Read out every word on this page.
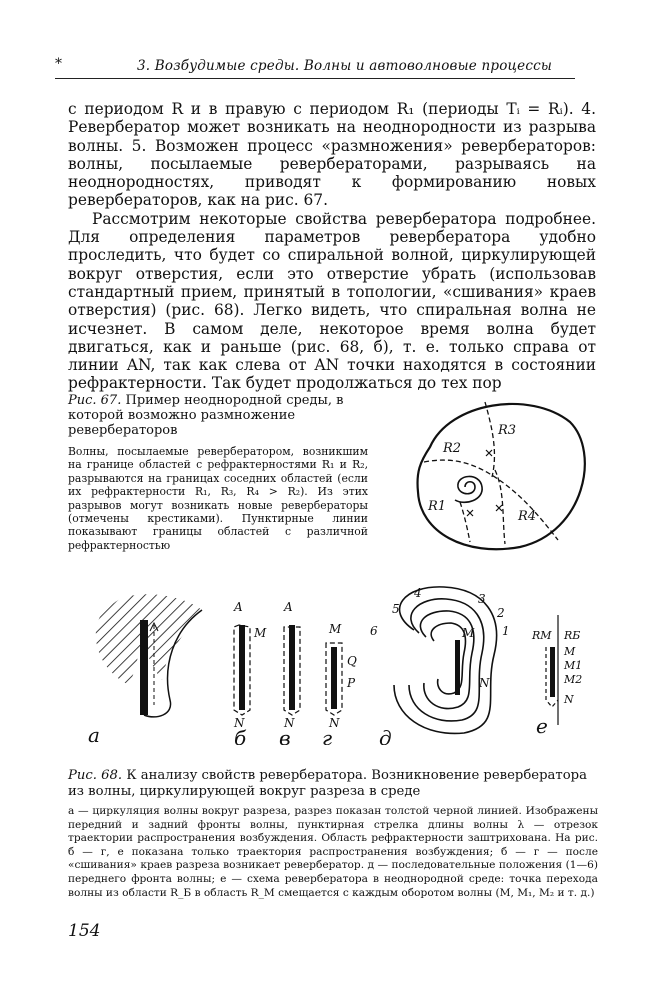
*	3. Возбудимые среды. Волны и автоволновые процессы

с периодом R и в правую с периодом R₁ (периоды Tᵢ = Rᵢ). 4. Ревербератор может возникать на неоднородности из разрыва волны. 5. Возможен процесс «размножения» ревербераторов: волны, посылаемые ревербераторами, разрываясь на неоднородностях, приводят к формированию новых ревербераторов, как на рис. 67.

Рассмотрим некоторые свойства ревербератора подробнее. Для определения параметров ревербератора удобно проследить, что будет со спиральной волной, циркулирующей вокруг отверстия, если это отверстие убрать (использовав стандартный прием, принятый в топологии, «сшивания» краев отверстия) (рис. 68). Легко видеть, что спиральная волна не исчезнет. В самом деле, некоторое время волна будет двигаться, как и раньше (рис. 68, б), т. е. только справа от линии AN, так как слева от AN точки находятся в состоянии рефрактерности. Так будет продолжаться до тех пор

Рис. 67. Пример неоднородной среды, в которой возможно размножение ревербераторов
Волны, посылаемые ревербератором, возникшим на границе областей с рефрактерностями R₁ и R₂, разрываются на границах соседних областей (если их рефрактерности R₁, R₃, R₄ > R₂). Из этих разрывов могут возникать новые ревербераторы (отмечены крестиками). Пунктирные линии показывают границы областей с различной рефрактерностью
R2
R3
R1
R4
а
A
M
N
б
A
N
в
M
Q
P
N
г
M
N
4
5
6
3
2
1
д
RM RБ
M
M1
M2
N
е
Рис. 68. К анализу свойств ревербератора. Возникновение ревербератора из волны, циркулирующей вокруг разреза в среде
а — циркуляция волны вокруг разреза, разрез показан толстой черной линией. Изображены передний и задний фронты волны, пунктирная стрелка длины волны λ — отрезок траектории распространения возбуждения. Область рефрактерности заштрихована. На рис. б — г, е показана только траектория распространения возбуждения; б — г — после «сшивания» краев разреза возникает ревербератор. д — последовательные положения (1—6) переднего фронта волны; е — схема ревербератора в неоднородной среде: точка перехода волны из области R_Б в область R_М смещается с каждым оборотом волны (M, M₁, M₂ и т. д.)
154
